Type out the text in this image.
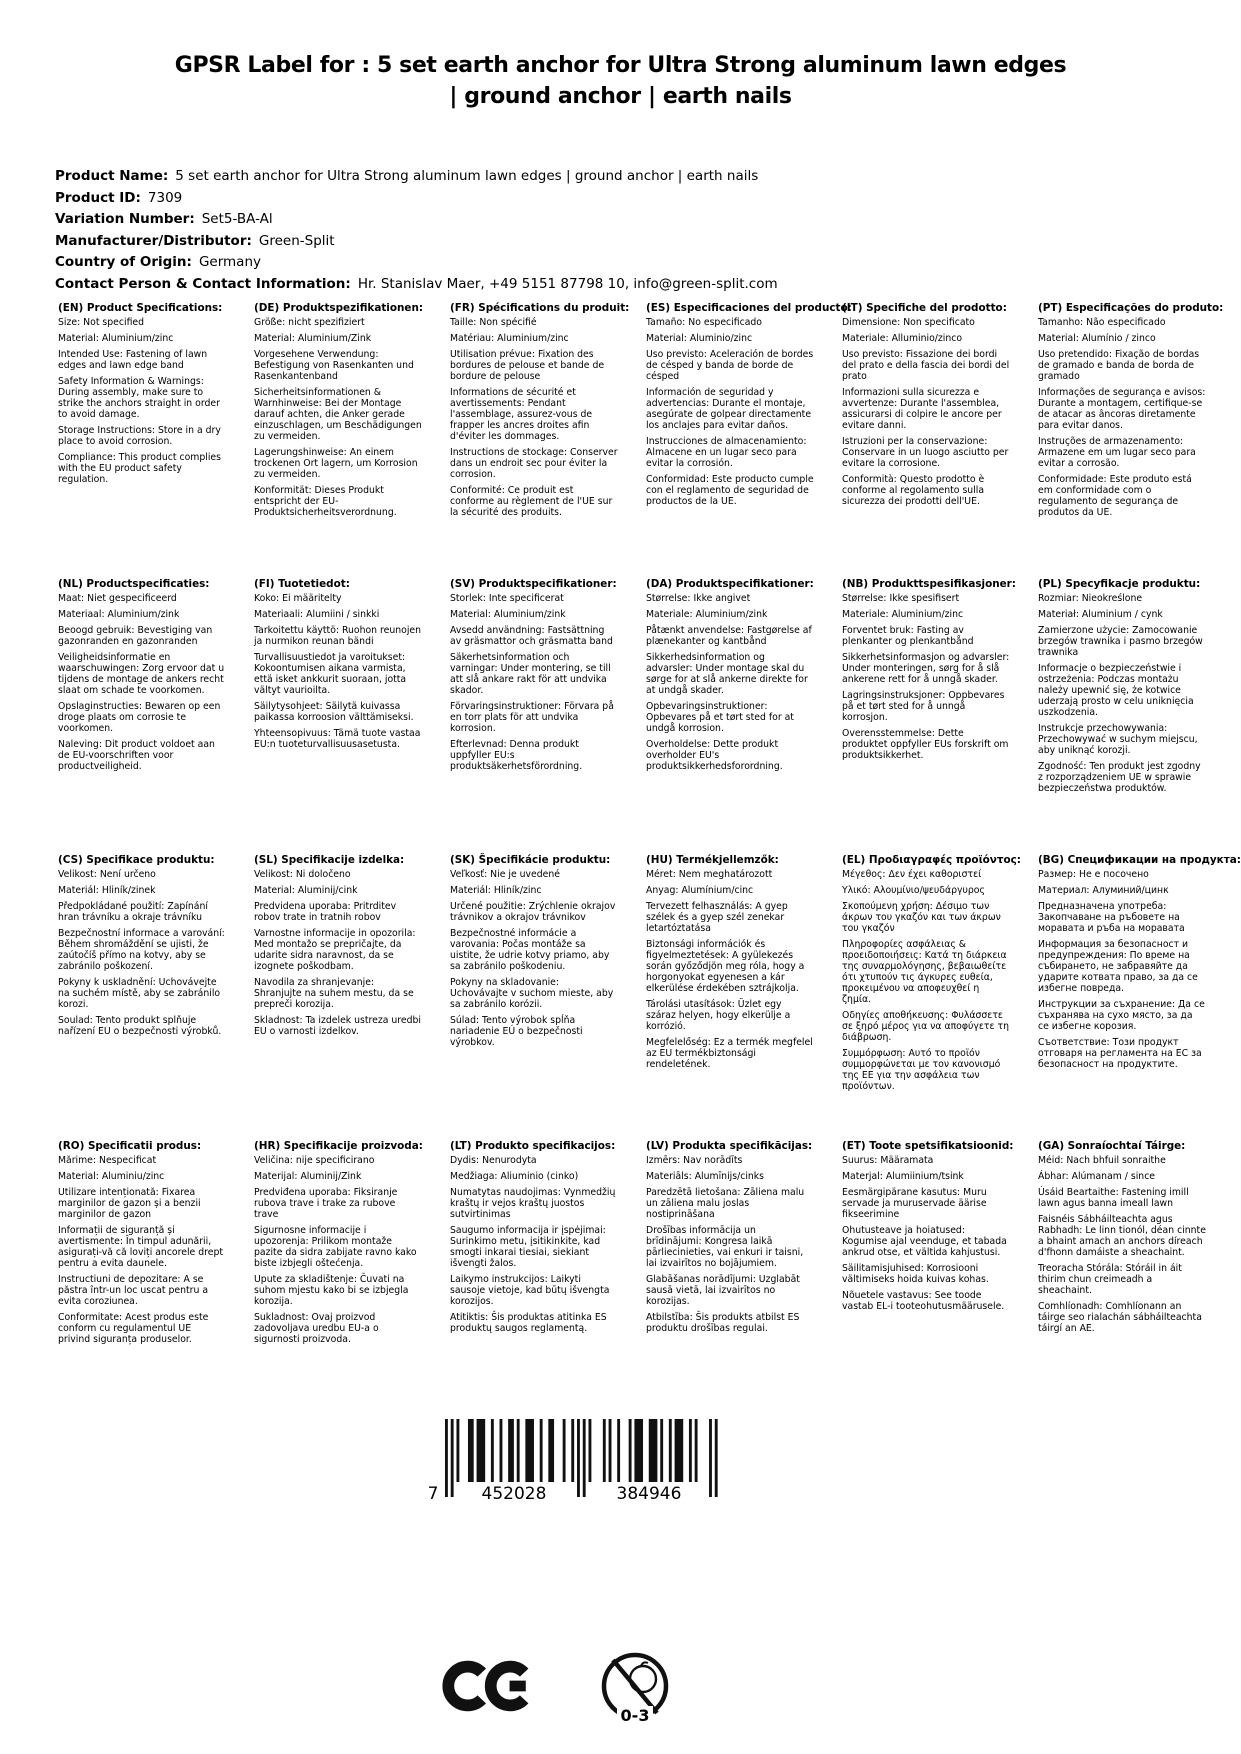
GPSR Label for : 5 set earth anchor for Ultra Strong aluminum lawn edges | ground anchor | earth nails
Product Name: 5 set earth anchor for Ultra Strong aluminum lawn edges | ground anchor | earth nails
Product ID: 7309
Variation Number: Set5-BA-Al
Manufacturer/Distributor: Green-Split
Country of Origin: Germany
Contact Person & Contact Information: Hr. Stanislav Maer, +49 5151 87798 10, info@green-split.com
(EN) Product Specifications:

Size: Not specified

Material: Aluminium/zinc

Intended Use: Fastening of lawn edges and lawn edge band

Safety Information & Warnings: During assembly, make sure to strike the anchors straight in order to avoid damage.

Storage Instructions: Store in a dry place to avoid corrosion.

Compliance: This product complies with the EU product safety regulation.

(DE) Produktspezifikationen:

Größe: nicht spezifiziert

Material: Aluminium/Zink

Vorgesehene Verwendung: Befestigung von Rasenkanten und Rasenkantenband

Sicherheitsinformationen & Warnhinweise: Bei der Montage darauf achten, die Anker gerade einzuschlagen, um Beschädigungen zu vermeiden.

Lagerungshinweise: An einem trockenen Ort lagern, um Korrosion zu vermeiden.

Konformität: Dieses Produkt entspricht der EU-Produktsicherheitsverordnung.

(FR) Spécifications du produit:

Taille: Non spécifié

Matériau: Aluminium/zinc

Utilisation prévue: Fixation des bordures de pelouse et bande de bordure de pelouse

Informations de sécurité et avertissements: Pendant l'assemblage, assurez-vous de frapper les ancres droites afin d'éviter les dommages.

Instructions de stockage: Conserver dans un endroit sec pour éviter la corrosion.

Conformité: Ce produit est conforme au règlement de l'UE sur la sécurité des produits.

(ES) Especificaciones del producto:

Tamaño: No especificado

Material: Aluminio/zinc

Uso previsto: Aceleración de bordes de césped y banda de borde de césped

Información de seguridad y advertencias: Durante el montaje, asegúrate de golpear directamente los anclajes para evitar daños.

Instrucciones de almacenamiento: Almacene en un lugar seco para evitar la corrosión.

Conformidad: Este producto cumple con el reglamento de seguridad de productos de la UE.

(IT) Specifiche del prodotto:

Dimensione: Non specificato

Materiale: Alluminio/zinco

Uso previsto: Fissazione dei bordi del prato e della fascia dei bordi del prato

Informazioni sulla sicurezza e avvertenze: Durante l'assemblea, assicurarsi di colpire le ancore per evitare danni.

Istruzioni per la conservazione: Conservare in un luogo asciutto per evitare la corrosione.

Conformità: Questo prodotto è conforme al regolamento sulla sicurezza dei prodotti dell'UE.

(PT) Especificações do produto:

Tamanho: Não especificado

Material: Alumínio / zinco

Uso pretendido: Fixação de bordas de gramado e banda de borda de gramado

Informações de segurança e avisos: Durante a montagem, certifique-se de atacar as âncoras diretamente para evitar danos.

Instruções de armazenamento: Armazene em um lugar seco para evitar a corrosão.

Conformidade: Este produto está em conformidade com o regulamento de segurança de produtos da UE.

(NL) Productspecificaties:

Maat: Niet gespecificeerd

Materiaal: Aluminium/zink

Beoogd gebruik: Bevestiging van gazonranden en gazonranden

Veiligheidsinformatie en waarschuwingen: Zorg ervoor dat u tijdens de montage de ankers recht slaat om schade te voorkomen.

Opslaginstructies: Bewaren op een droge plaats om corrosie te voorkomen.

Naleving: Dit product voldoet aan de EU-voorschriften voor productveiligheid.

(FI) Tuotetiedot:

Koko: Ei määritelty

Materiaali: Alumiini / sinkki

Tarkoitettu käyttö: Ruohon reunojen ja nurmikon reunan bändi

Turvallisuustiedot ja varoitukset: Kokoontumisen aikana varmista, että isket ankkurit suoraan, jotta vältyt vaurioilta.

Säilytysohjeet: Säilytä kuivassa paikassa korroosion välttämiseksi.

Yhteensopivuus: Tämä tuote vastaa EU:n tuoteturvallisuusasetusta.

(SV) Produktspecifikationer:

Storlek: Inte specificerat

Material: Aluminium/zink

Avsedd användning: Fastsättning av gräsmattor och gräsmatta band

Säkerhetsinformation och varningar: Under montering, se till att slå ankare rakt för att undvika skador.

Förvaringsinstruktioner: Förvara på en torr plats för att undvika korrosion.

Efterlevnad: Denna produkt uppfyller EU:s produktsäkerhetsförordning.

(DA) Produktspecifikationer:

Størrelse: Ikke angivet

Materiale: Aluminium/zink

Påtænkt anvendelse: Fastgørelse af plænekanter og kantbånd

Sikkerhedsinformation og advarsler: Under montage skal du sørge for at slå ankerne direkte for at undgå skader.

Opbevaringsinstruktioner: Opbevares på et tørt sted for at undgå korrosion.

Overholdelse: Dette produkt overholder EU's produktsikkerhedsforordning.

(NB) Produkttspesifikasjoner:

Størrelse: Ikke spesifisert

Materiale: Aluminium/zinc

Forventet bruk: Fasting av plenkanter og plenkantbånd

Sikkerhetsinformasjon og advarsler: Under monteringen, sørg for å slå ankerene rett for å unngå skader.

Lagringsinstruksjoner: Oppbevares på et tørt sted for å unngå korrosjon.

Overensstemmelse: Dette produktet oppfyller EUs forskrift om produktsikkerhet.

(PL) Specyfikacje produktu:

Rozmiar: Nieokreślone

Materiał: Aluminium / cynk

Zamierzone użycie: Zamocowanie brzegów trawnika i pasmo brzegów trawnika

Informacje o bezpieczeństwie i ostrzeżenia: Podczas montażu należy upewnić się, że kotwice uderzają prosto w celu uniknięcia uszkodzenia.

Instrukcje przechowywania: Przechowywać w suchym miejscu, aby uniknąć korozji.

Zgodność: Ten produkt jest zgodny z rozporządzeniem UE w sprawie bezpieczeństwa produktów.

(CS) Specifikace produktu:

Velikost: Není určeno

Materiál: Hliník/zinek

Předpokládané použití: Zapínání hran trávníku a okraje trávníku

Bezpečnostní informace a varování: Během shromáždění se ujisti, že zaútočíš přímo na kotvy, aby se zabránilo poškození.

Pokyny k uskladnění: Uchovávejte na suchém místě, aby se zabránilo korozi.

Soulad: Tento produkt splňuje nařízení EU o bezpečnosti výrobků.

(SL) Specifikacije izdelka:

Velikost: Ni določeno

Material: Aluminij/cink

Predvidena uporaba: Pritrditev robov trate in tratnih robov

Varnostne informacije in opozorila: Med montažo se prepričajte, da udarite sidra naravnost, da se izognete poškodbam.

Navodila za shranjevanje: Shranjujte na suhem mestu, da se prepreči korozija.

Skladnost: Ta izdelek ustreza uredbi EU o varnosti izdelkov.

(SK) Špecifikácie produktu:

Veľkosť: Nie je uvedené

Materiál: Hliník/zinc

Určené použitie: Zrýchlenie okrajov trávnikov a okrajov trávnikov

Bezpečnostné informácie a varovania: Počas montáže sa uistite, že udrie kotvy priamo, aby sa zabránilo poškodeniu.

Pokyny na skladovanie: Uchovávajte v suchom mieste, aby sa zabránilo korózii.

Súlad: Tento výrobok spĺňa nariadenie EÚ o bezpečnosti výrobkov.

(HU) Termékjellemzők:

Méret: Nem meghatározott

Anyag: Alumínium/cinc

Tervezett felhasználás: A gyep szélek és a gyep szél zenekar letartóztatása

Biztonsági információk és figyelmeztetések: A gyülekezés során győződjön meg róla, hogy a horgonyokat egyenesen a kár elkerülése érdekében sztrájkolja.

Tárolási utasítások: Üzlet egy száraz helyen, hogy elkerülje a korrózió.

Megfelelőség: Ez a termék megfelel az EU termékbiztonsági rendeletének.

(EL) Προδιαγραφές προϊόντος:

Μέγεθος: Δεν έχει καθοριστεί

Υλικό: Αλουμίνιο/ψευδάργυρος

Σκοπούμενη χρήση: Δέσιμο των άκρων του γκαζόν και των άκρων του γκαζόν

Πληροφορίες ασφάλειας & προειδοποιήσεις: Κατά τη διάρκεια της συναρμολόγησης, βεβαιωθείτε ότι χτυπούν τις άγκυρες ευθεία, προκειμένου να αποφευχθεί η ζημία.

Οδηγίες αποθήκευσης: Φυλάσσετε σε ξηρό μέρος για να αποφύγετε τη διάβρωση.

Συμμόρφωση: Αυτό το προϊόν συμμορφώνεται με τον κανονισμό της ΕΕ για την ασφάλεια των προϊόντων.

(BG) Спецификации на продукта:

Размер: Не е посочено

Материал: Алуминий/цинк

Предназначена употреба: Закопчаване на ръбовете на моравата и ръба на моравата

Информация за безопасност и предупреждения: По време на събирането, не забравяйте да ударите котвата право, за да се избегне повреда.

Инструкции за съхранение: Да се съхранява на сухо място, за да се избегне корозия.

Съответствие: Този продукт отговаря на регламента на ЕС за безопасност на продуктите.

(RO) Specificatii produs:

Mărime: Nespecificat

Material: Aluminiu/zinc

Utilizare intenționată: Fixarea marginilor de gazon și a benzii marginilor de gazon

Informații de siguranță și avertismente: În timpul adunării, asigurați-vă că loviți ancorele drept pentru a evita daunele.

Instructiuni de depozitare: A se păstra într-un loc uscat pentru a evita coroziunea.

Conformitate: Acest produs este conform cu regulamentul UE privind siguranța produselor.

(HR) Specifikacije proizvoda:

Veličina: nije specificirano

Materijal: Aluminij/Zink

Predviđena uporaba: Fiksiranje rubova trave i trake za rubove trave

Sigurnosne informacije i upozorenja: Prilikom montaže pazite da sidra zabijate ravno kako biste izbjegli oštećenja.

Upute za skladištenje: Čuvati na suhom mjestu kako bi se izbjegla korozija.

Sukladnost: Ovaj proizvod zadovoljava uredbu EU-a o sigurnosti proizvoda.

(LT) Produkto specifikacijos:

Dydis: Nenurodyta

Medžiaga: Aliuminio (cinko)

Numatytas naudojimas: Vynmedžių kraštų ir vejos kraštų juostos sutvirtinimas

Saugumo informacija ir įspėjimai: Surinkimo metu, įsitikinkite, kad smogti inkarai tiesiai, siekiant išvengti žalos.

Laikymo instrukcijos: Laikyti sausoje vietoje, kad būtų išvengta korozijos.

Atitiktis: Šis produktas atitinka ES produktų saugos reglamentą.

(LV) Produkta specifikācijas:

Izmērs: Nav norādīts

Materiāls: Alumīnijs/cinks

Paredzētā lietošana: Zāliena malu un zāliena malu joslas nostiprināšana

Drošības informācija un brīdinājumi: Kongresa laikā pārliecinieties, vai enkuri ir taisni, lai izvairītos no bojājumiem.

Glabāšanas norādījumi: Uzglabāt sausā vietā, lai izvairītos no korozijas.

Atbilstība: Šis produkts atbilst ES produktu drošības regulai.

(ET) Toote spetsifikatsioonid:

Suurus: Määramata

Materjal: Alumiinium/tsink

Eesmärgipärane kasutus: Muru servade ja muruservade äärise fikseerimine

Ohutusteave ja hoiatused: Kogumise ajal veenduge, et tabada ankrud otse, et vältida kahjustusi.

Säilitamisjuhised: Korrosiooni vältimiseks hoida kuivas kohas.

Nõuetele vastavus: See toode vastab EL-i tooteohutusmäärusele.

(GA) Sonraíochtaí Táirge:

Méid: Nach bhfuil sonraithe

Ábhar: Alúmanam / since

Úsáid Beartaithe: Fastening imill lawn agus banna imeall lawn

Faisnéis Sábháilteachta agus Rabhadh: Le linn tionól, déan cinnte a bhaint amach an anchors díreach d'fhonn damáiste a sheachaint.

Treoracha Stórála: Stóráil in áit thirim chun creimeadh a sheachaint.

Comhlíonadh: Comhlíonann an táirge seo rialachán sábháilteachta táirgí an AE.

7	452028	384946
0-3
